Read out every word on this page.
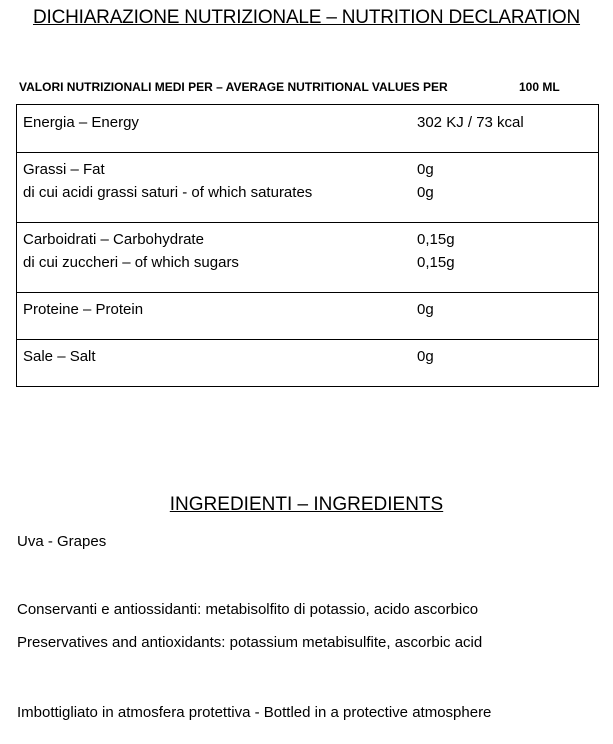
DICHIARAZIONE NUTRIZIONALE – NUTRITION DECLARATION
VALORI NUTRIZIONALI MEDI PER – AVERAGE NUTRITIONAL VALUES PER	100 ML
Energia – Energy	302 KJ / 73 kcal
Grassi – Fat	0g
di cui acidi grassi saturi - of which saturates	0g
Carboidrati – Carbohydrate	0,15g
di cui zuccheri – of which sugars	0,15g
Proteine – Protein	0g
Sale – Salt	0g
INGREDIENTI – INGREDIENTS
Uva - Grapes
Conservanti e antiossidanti: metabisolfito di potassio, acido ascorbico
Preservatives and antioxidants: potassium metabisulfite, ascorbic acid
Imbottigliato in atmosfera protettiva - Bottled in a protective atmosphere
